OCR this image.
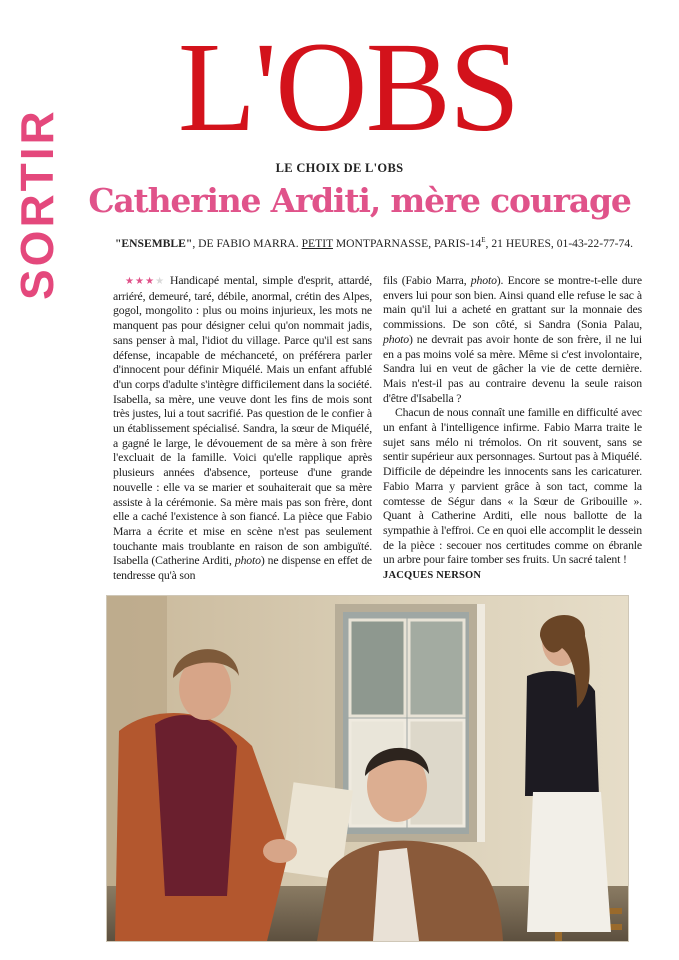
L'OBS
SORTIR	LE CHOIX DE L'OBS
Catherine Arditi, mère courage
"ENSEMBLE", DE FABIO MARRA. PETIT MONTPARNASSE, PARIS-$14^E$, 21 HEURES, 01-43-22-77-74.

★★★★ Handicapé mental, simple d'esprit, attardé, arriéré, demeuré, taré, débile, anormal, crétin des Alpes, gogol, mongolito : plus ou moins injurieux, les mots ne manquent pas pour désigner celui qu'on nommait jadis, sans penser à mal, l'idiot du village. Parce qu'il est sans défense, incapable de méchanceté, on préférera parler d'innocent pour définir Miquélé. Mais un enfant affublé d'un corps d'adulte s'intègre difficilement dans la société. Isabella, sa mère, une veuve dont les fins de mois sont très justes, lui a tout sacrifié. Pas question de le confier à un établissement spécialisé. Sandra, la sœur de Miquélé, a gagné le large, le dévouement de sa mère à son frère l'excluait de la famille. Voici qu'elle rapplique après plusieurs années d'absence, porteuse d'une grande nouvelle : elle va se marier et souhaiterait que sa mère assiste à la cérémonie. Sa mère mais pas son frère, dont elle a caché l'existence à son fiancé. La pièce que Fabio Marra a écrite et mise en scène n'est pas seulement touchante mais troublante en raison de son ambiguïté. Isabella (Catherine Arditi, photo) ne dispense en effet de tendresse qu'à son

fils (Fabio Marra, photo). Encore se montre-t-elle dure envers lui pour son bien. Ainsi quand elle refuse le sac à main qu'il lui a acheté en grattant sur la monnaie des commissions. De son côté, si Sandra (Sonia Palau, photo) ne devrait pas avoir honte de son frère, il ne lui en a pas moins volé sa mère. Même si c'est involontaire, Sandra lui en veut de gâcher la vie de cette dernière. Mais n'est-il pas au contraire devenu la seule raison d'être d'Isabella ?

Chacun de nous connaît une famille en difficulté avec un enfant à l'intelligence infirme. Fabio Marra traite le sujet sans mélo ni trémolos. On rit souvent, sans se sentir supérieur aux personnages. Surtout pas à Miquélé. Difficile de dépeindre les innocents sans les caricaturer. Fabio Marra y parvient grâce à son tact, comme la comtesse de Ségur dans « la Sœur de Gribouille ». Quant à Catherine Arditi, elle nous ballotte de la sympathie à l'effroi. Ce en quoi elle accomplit le dessein de la pièce : secouer nos certitudes comme on ébranle un arbre pour faire tomber ses fruits. Un sacré talent !

JACQUES NERSON
